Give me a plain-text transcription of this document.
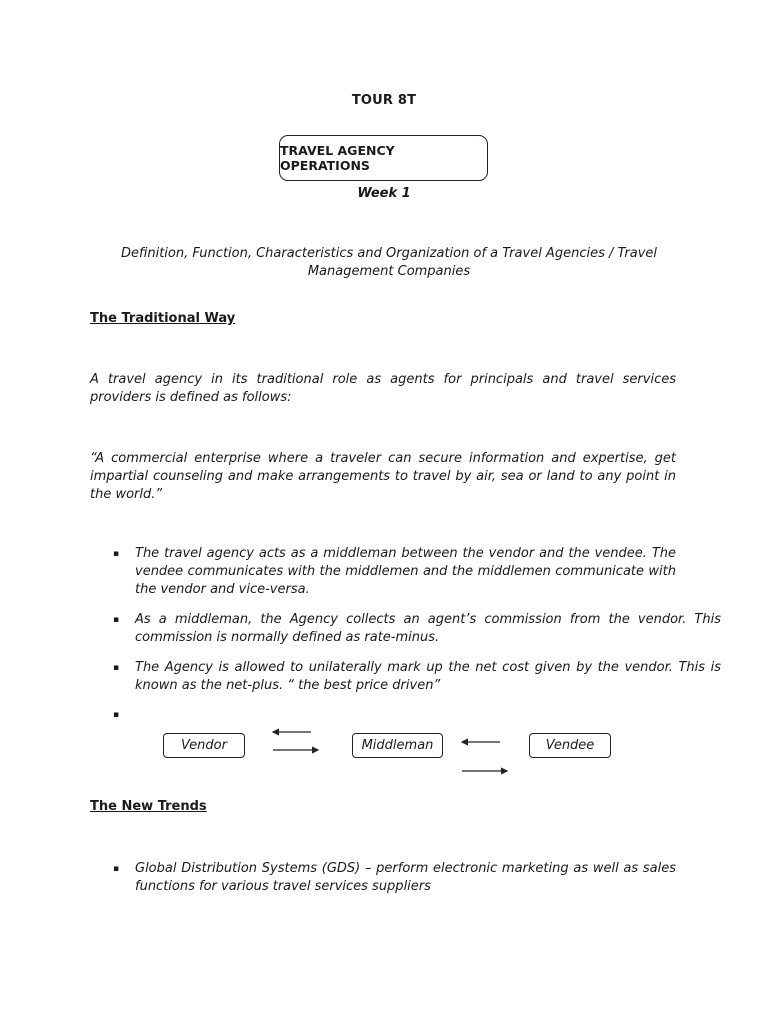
TOUR 8T
TRAVEL AGENCY OPERATIONS
Week 1
Definition, Function, Characteristics and Organization of a Travel Agencies / Travel Management Companies
The Traditional Way
A travel agency in its traditional role as agents for principals and travel services providers is defined as follows:
“A commercial enterprise where a traveler can secure information and expertise, get impartial counseling and make arrangements to travel by air, sea or land to any point in the world.”
▪ The travel agency acts as a middleman between the vendor and the vendee. The vendee communicates with the middlemen and the middlemen communicate with the vendor and vice-versa.
▪ As a middleman, the Agency collects an agent’s commission from the vendor. This commission is normally defined as rate-minus.
▪ The Agency is allowed to unilaterally mark up the net cost given by the vendor. This is known as the net-plus. “ the best price driven”
▪
Vendor	Middleman	Vendee
The New Trends
▪ Global Distribution Systems (GDS) – perform electronic marketing as well as sales functions for various travel services suppliers
